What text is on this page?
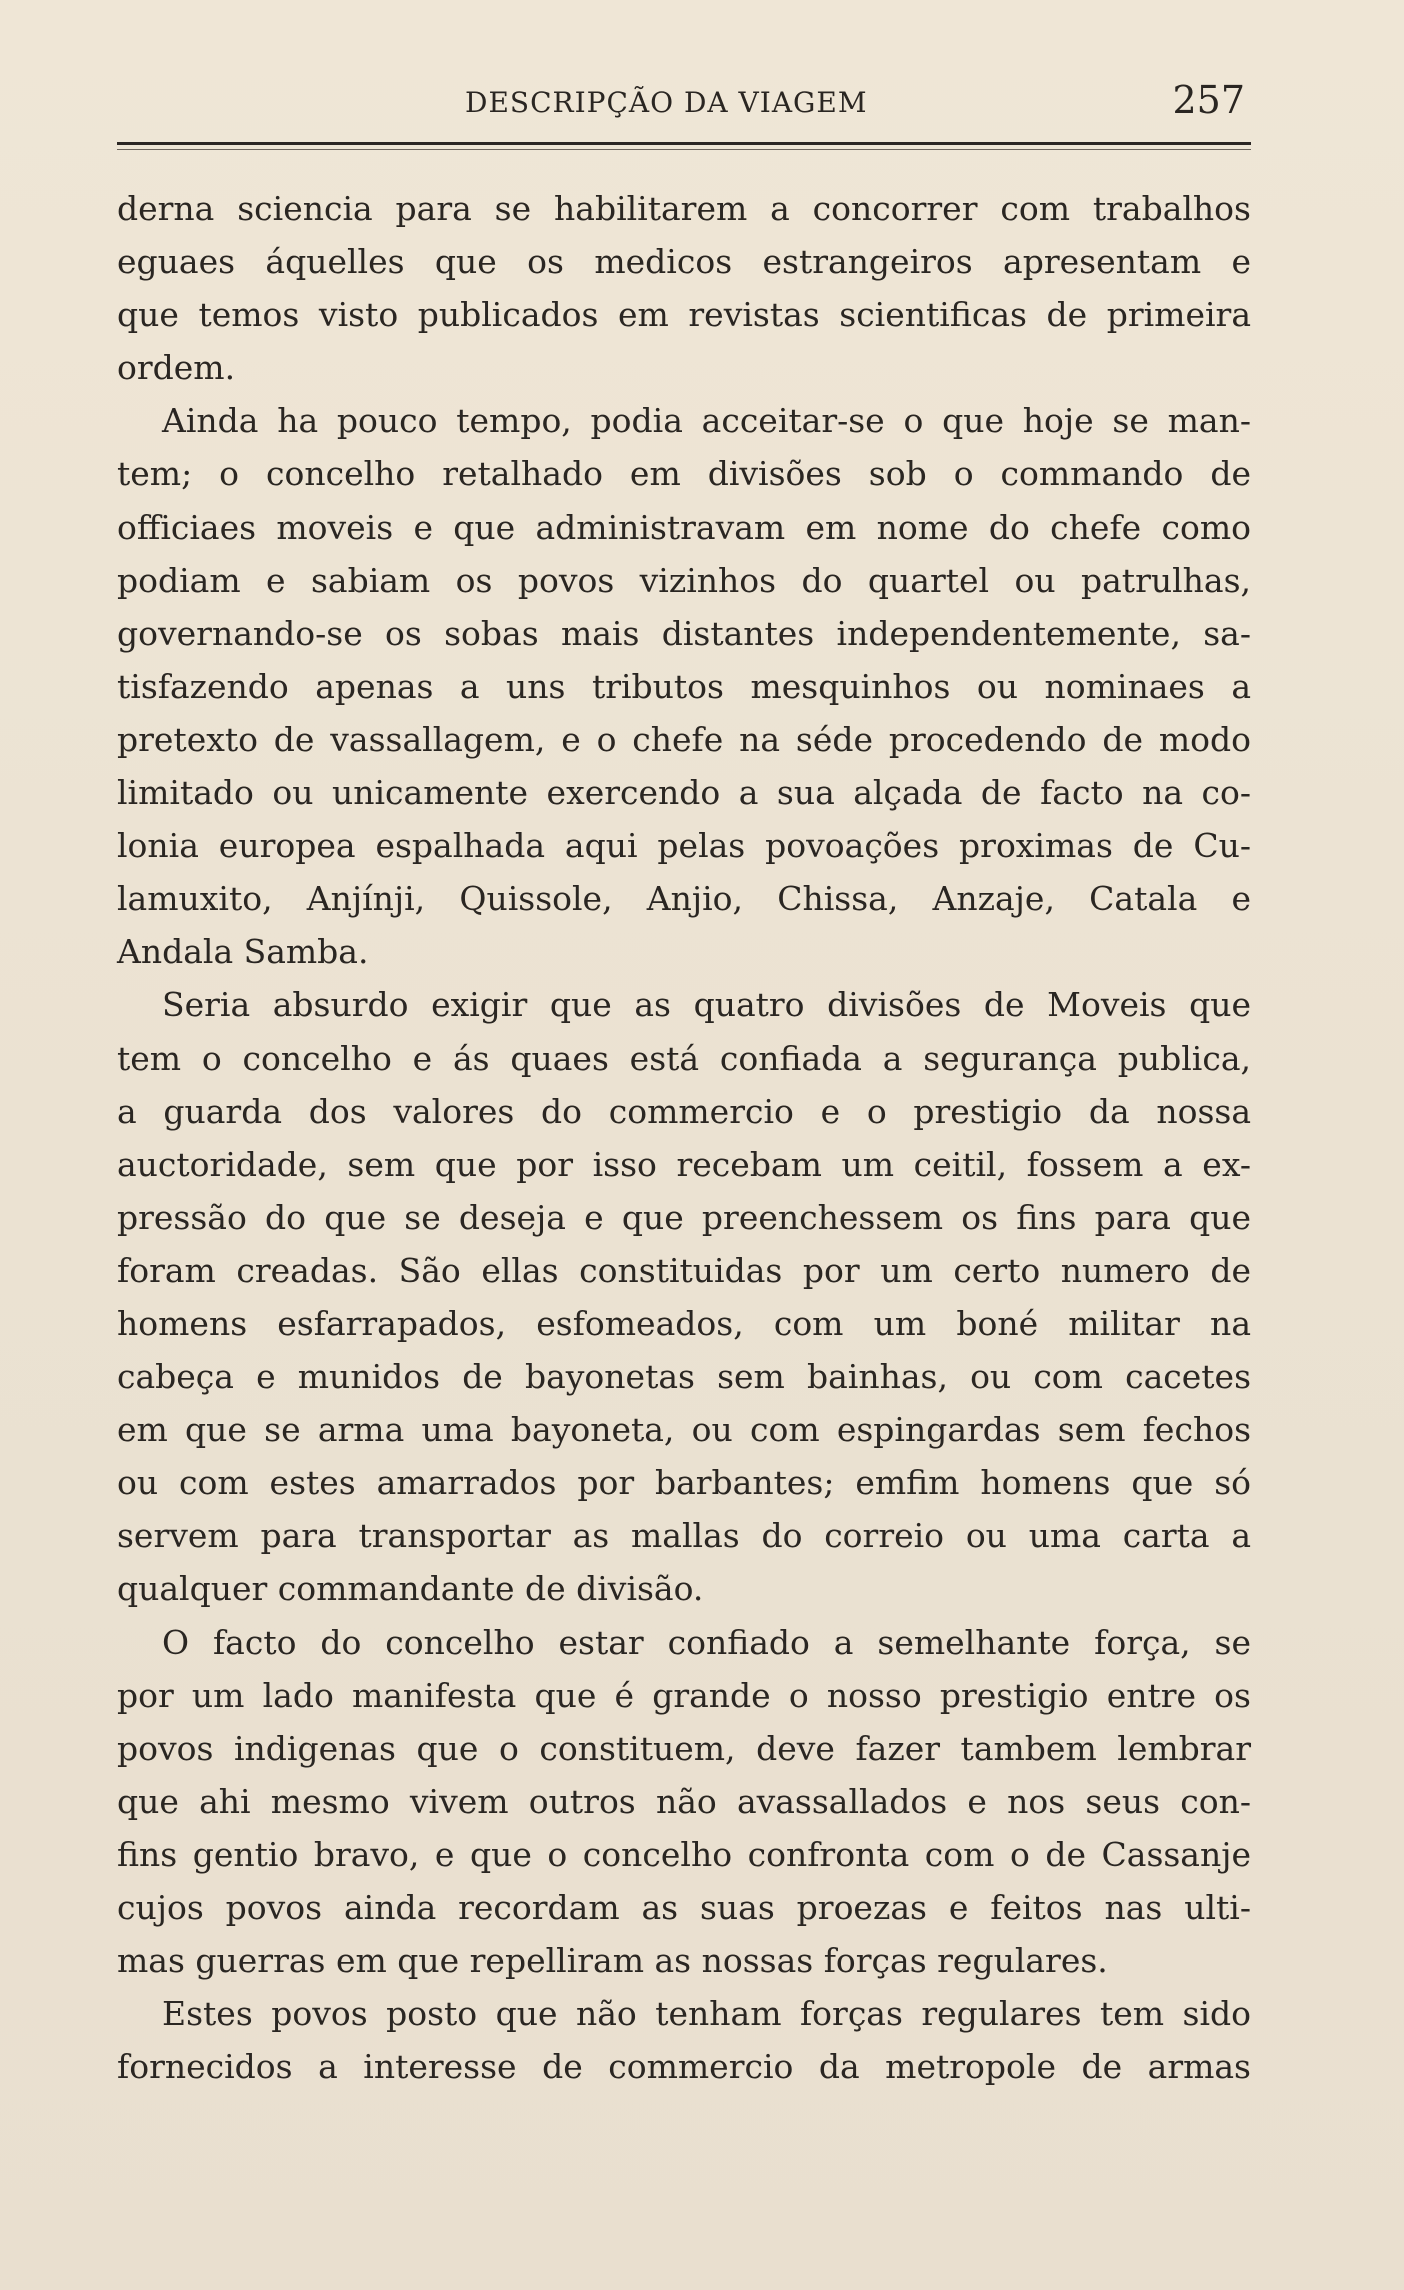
DESCRIPÇÃO DA VIAGEM	257
derna sciencia para se habilitarem a concorrer com trabalhos
eguaes áquelles que os medicos estrangeiros apresentam e
que temos visto publicados em revistas scientificas de primeira
ordem.
Ainda ha pouco tempo, podia acceitar-se o que hoje se man-
tem; o concelho retalhado em divisões sob o commando de
officiaes moveis e que administravam em nome do chefe como
podiam e sabiam os povos vizinhos do quartel ou patrulhas,
governando-se os sobas mais distantes independentemente, sa-
tisfazendo apenas a uns tributos mesquinhos ou nominaes a
pretexto de vassallagem, e o chefe na séde procedendo de modo
limitado ou unicamente exercendo a sua alçada de facto na co-
lonia europea espalhada aqui pelas povoações proximas de Cu-
lamuxito, Anjínji, Quissole, Anjio, Chissa, Anzaje, Catala e
Andala Samba.
Seria absurdo exigir que as quatro divisões de Moveis que
tem o concelho e ás quaes está confiada a segurança publica,
a guarda dos valores do commercio e o prestigio da nossa
auctoridade, sem que por isso recebam um ceitil, fossem a ex-
pressão do que se deseja e que preenchessem os fins para que
foram creadas. São ellas constituidas por um certo numero de
homens esfarrapados, esfomeados, com um boné militar na
cabeça e munidos de bayonetas sem bainhas, ou com cacetes
em que se arma uma bayoneta, ou com espingardas sem fechos
ou com estes amarrados por barbantes; emfim homens que só
servem para transportar as mallas do correio ou uma carta a
qualquer commandante de divisão.
O facto do concelho estar confiado a semelhante força, se
por um lado manifesta que é grande o nosso prestigio entre os
povos indigenas que o constituem, deve fazer tambem lembrar
que ahi mesmo vivem outros não avassallados e nos seus con-
fins gentio bravo, e que o concelho confronta com o de Cassanje
cujos povos ainda recordam as suas proezas e feitos nas ulti-
mas guerras em que repelliram as nossas forças regulares.
Estes povos posto que não tenham forças regulares tem sido
fornecidos a interesse de commercio da metropole de armas
